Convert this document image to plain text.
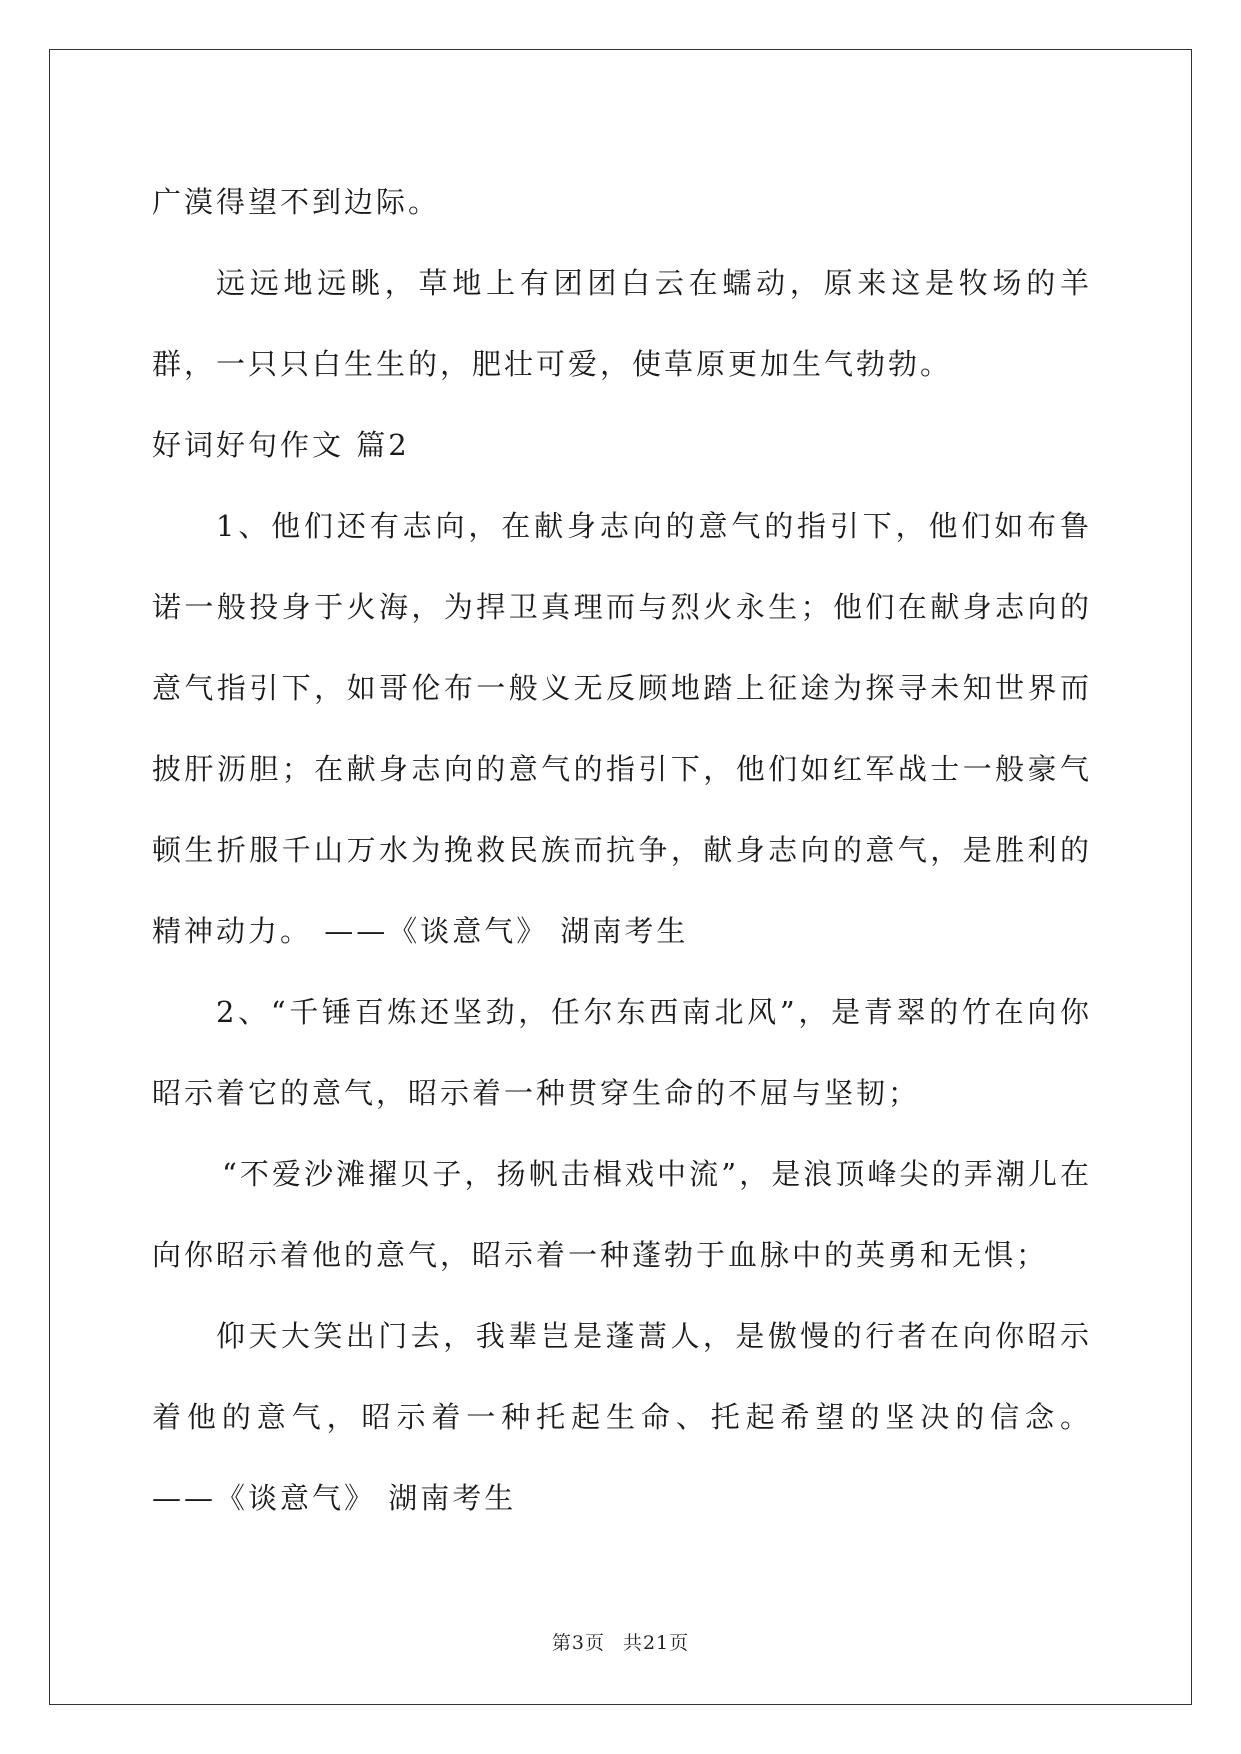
广漠得望不到边际。

远远地远眺，草地上有团团白云在蠕动，原来这是牧场的羊群，一只只白生生的，肥壮可爱，使草原更加生气勃勃。

好词好句作文 篇2

1、他们还有志向，在献身志向的意气的指引下，他们如布鲁诺一般投身于火海，为捍卫真理而与烈火永生；他们在献身志向的意气指引下，如哥伦布一般义无反顾地踏上征途为探寻未知世界而披肝沥胆；在献身志向的意气的指引下，他们如红军战士一般豪气顿生折服千山万水为挽救民族而抗争，献身志向的意气，是胜利的精神动力。 ——《谈意气》 湖南考生

2、“千锤百炼还坚劲，任尔东西南北风”，是青翠的竹在向你昭示着它的意气，昭示着一种贯穿生命的不屈与坚韧；

“不爱沙滩擢贝子，扬帆击楫戏中流”，是浪顶峰尖的弄潮儿在向你昭示着他的意气，昭示着一种蓬勃于血脉中的英勇和无惧；

仰天大笑出门去，我辈岂是蓬蒿人，是傲慢的行者在向你昭示着他的意气，昭示着一种托起生命、托起希望的坚决的信念。 ——《谈意气》 湖南考生

第3页 共21页
